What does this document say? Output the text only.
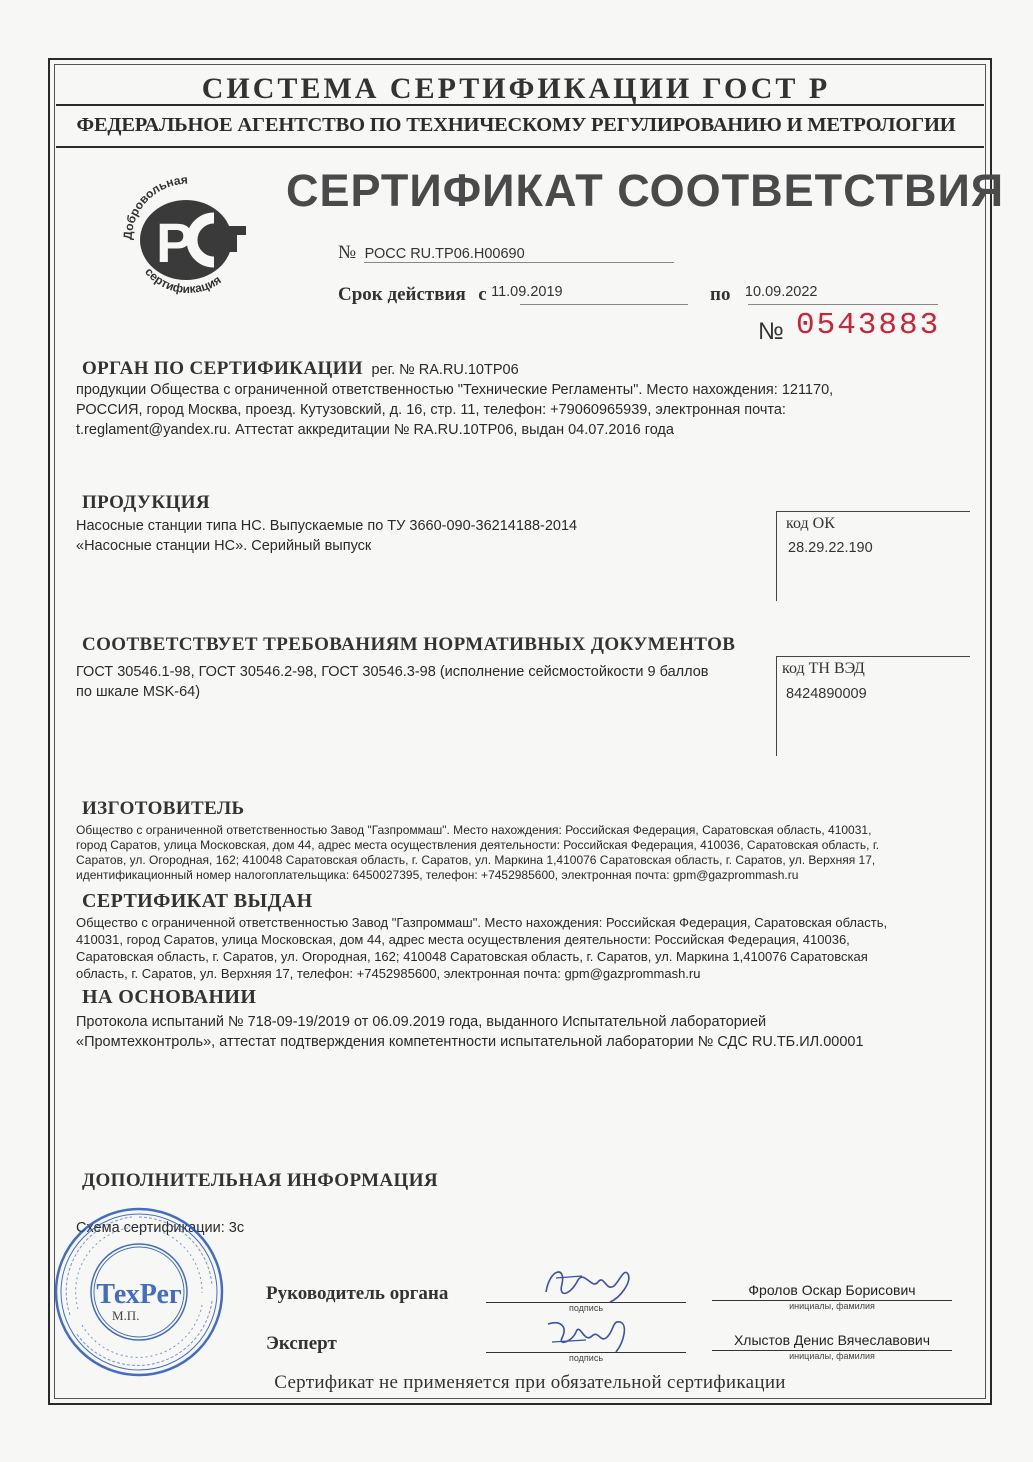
СИСТЕМА СЕРТИФИКАЦИИ ГОСТ Р
ФЕДЕРАЛЬНОЕ АГЕНТСТВО ПО ТЕХНИЧЕСКОМУ РЕГУЛИРОВАНИЮ И МЕТРОЛОГИИ
P
Добровольная
сертификация
СЕРТИФИКАТ СООТВЕТСТВИЯ
№ РОСС RU.ТР06.Н00690
Срок действия с 11.09.2019	по 10.09.2022
№ 0543883
ОРГАН ПО СЕРТИФИКАЦИИ рег. № RA.RU.10ТР06
продукции Общества с ограниченной ответственностью "Технические Регламенты". Место нахождения: 121170,
РОССИЯ, город Москва, проезд. Кутузовский, д. 16, стр. 11, телефон: +79060965939, электронная почта:
t.reglament@yandex.ru. Аттестат аккредитации № RA.RU.10ТР06, выдан 04.07.2016 года
ПРОДУКЦИЯ
Насосные станции типа НС. Выпускаемые по ТУ 3660-090-36214188-2014
«Насосные станции НС». Серийный выпуск
код ОК
28.29.22.190
СООТВЕТСТВУЕТ ТРЕБОВАНИЯМ НОРМАТИВНЫХ ДОКУМЕНТОВ
ГОСТ 30546.1-98, ГОСТ 30546.2-98, ГОСТ 30546.3-98 (исполнение сейсмостойкости 9 баллов
по шкале MSK-64)
код ТН ВЭД
8424890009
ИЗГОТОВИТЕЛЬ
Общество с ограниченной ответственностью Завод "Газпроммаш". Место нахождения: Российская Федерация, Саратовская область, 410031,
город Саратов, улица Московская, дом 44, адрес места осуществления деятельности: Российская Федерация, 410036, Саратовская область, г.
Саратов, ул. Огородная, 162; 410048 Саратовская область, г. Саратов, ул. Маркина 1,410076 Саратовская область, г. Саратов, ул. Верхняя 17,
идентификационный номер налогоплательщика: 6450027395, телефон: +7452985600, электронная почта: gpm@gazprommash.ru
СЕРТИФИКАТ ВЫДАН
Общество с ограниченной ответственностью Завод "Газпроммаш". Место нахождения: Российская Федерация, Саратовская область,
410031, город Саратов, улица Московская, дом 44, адрес места осуществления деятельности: Российская Федерация, 410036,
Саратовская область, г. Саратов, ул. Огородная, 162; 410048 Саратовская область, г. Саратов, ул. Маркина 1,410076 Саратовская
область, г. Саратов, ул. Верхняя 17, телефон: +7452985600, электронная почта: gpm@gazprommash.ru
НА ОСНОВАНИИ
Протокола испытаний № 718-09-19/2019 от 06.09.2019 года, выданного Испытательной лабораторией
«Промтехконтроль», аттестат подтверждения компетентности испытательной лаборатории № СДС RU.ТБ.ИЛ.00001
ДОПОЛНИТЕЛЬНАЯ ИНФОРМАЦИЯ
Схема сертификации: 3с
Руководитель органа
Эксперт
подпись
подпись
Фролов Оскар Борисович
инициалы, фамилия
Хлыстов Денис Вячеславович
инициалы, фамилия
ТехРег
М.П.
Сертификат не применяется при обязательной сертификации
